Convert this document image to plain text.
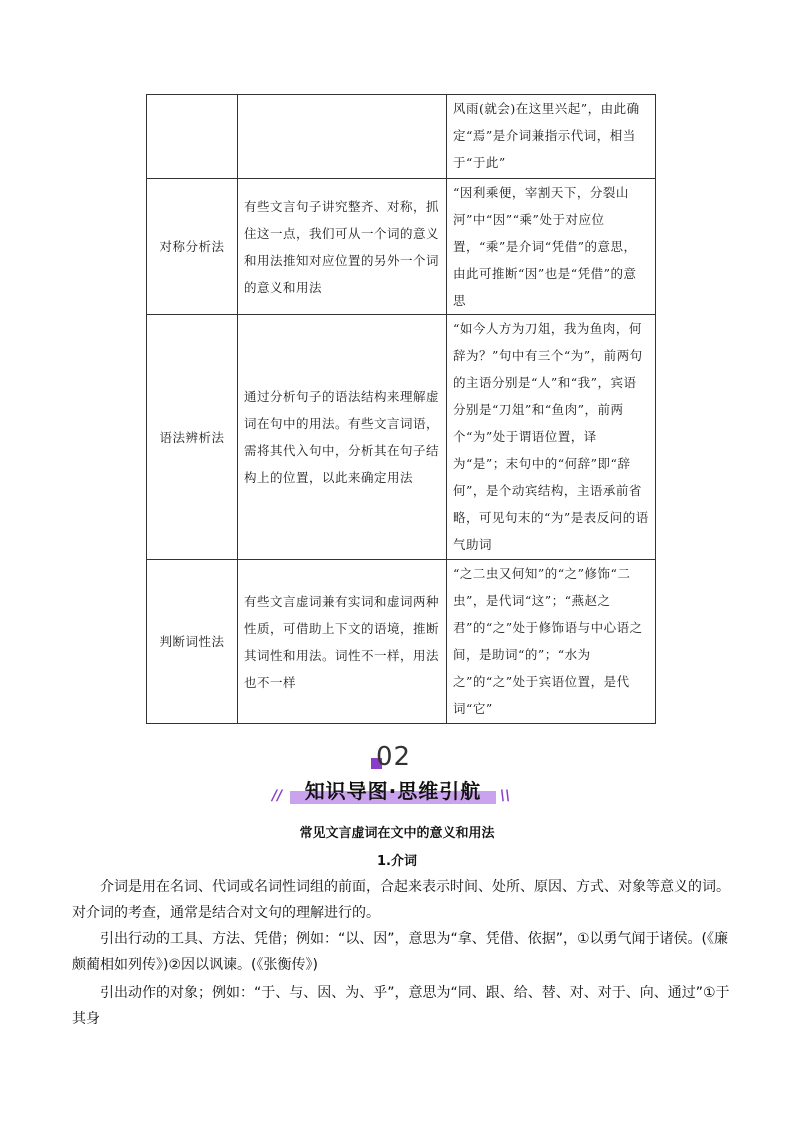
		风雨(就会)在这里兴起”，由此确定“焉”是介词兼指示代词，相当于“于此”
对称分析法	有些文言句子讲究整齐、对称，抓住这一点，我们可从一个词的意义和用法推知对应位置的另外一个词的意义和用法	“因利乘便，宰割天下，分裂山河”中“因”“乘”处于对应位置，“乘”是介词“凭借”的意思，由此可推断“因”也是“凭借”的意思
语法辨析法	通过分析句子的语法结构来理解虚词在句中的用法。有些文言词语，需将其代入句中，分析其在句子结构上的位置，以此来确定用法	“如今人方为刀俎，我为鱼肉，何辞为？”句中有三个“为”，前两句的主语分别是“人”和“我”，宾语分别是“刀俎”和“鱼肉”，前两个“为”处于谓语位置，译为“是”；末句中的“何辞”即“辞何”，是个动宾结构，主语承前省略，可见句末的“为”是表反问的语气助词
判断词性法	有些文言虚词兼有实词和虚词两种性质，可借助上下文的语境，推断其词性和用法。词性不一样，用法也不一样	“之二虫又何知”的“之”修饰“二虫”，是代词“这”；“燕赵之君”的“之”处于修饰语与中心语之间，是助词“的”；“水为之”的“之”处于宾语位置，是代词“它”
02
//	知识导图·思维引航	\\
常见文言虚词在文中的意义和用法
1.介词

介词是用在名词、代词或名词性词组的前面，合起来表示时间、处所、原因、方式、对象等意义的词。对介词的考查，通常是结合对文句的理解进行的。

引出行动的工具、方法、凭借；例如：“以、因”，意思为“拿、凭借、依据”，①以勇气闻于诸侯。(《廉颇蔺相如列传》)②因以讽谏。(《张衡传》)

引出动作的对象；例如：“于、与、因、为、乎”，意思为“同、跟、给、替、对、对于、向、通过”①于其身
